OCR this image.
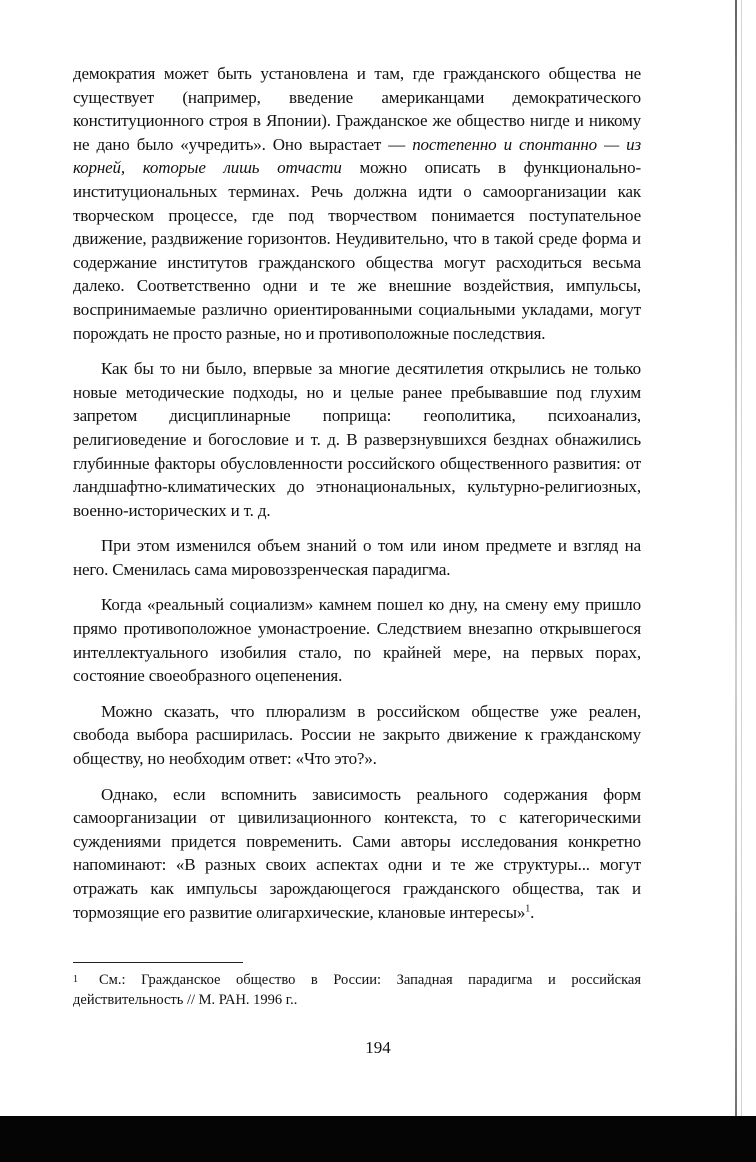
демократия может быть установлена и там, где гражданского общества не существует (например, введение американцами демократического конституционного строя в Японии). Гражданское же общество нигде и никому не дано было «учредить». Оно вырастает — постепенно и спонтанно — из корней, которые лишь отчасти можно описать в функционально-институциональных терминах. Речь должна идти о самоорганизации как творческом процессе, где под творчеством понимается поступательное движение, раздвижение горизонтов. Неудивительно, что в такой среде форма и содержание институтов гражданского общества могут расходиться весьма далеко. Соответственно одни и те же внешние воздействия, импульсы, воспринимаемые различно ориентированными социальными укладами, могут порождать не просто разные, но и противоположные последствия.

Как бы то ни было, впервые за многие десятилетия открылись не только новые методические подходы, но и целые ранее пребывавшие под глухим запретом дисциплинарные поприща: геополитика, психоанализ, религиоведение и богословие и т. д. В разверзнувшихся безднах обнажились глубинные факторы обусловленности российского общественного развития: от ландшафтно-климатических до этнонациональных, культурно-религиозных, военно-исторических и т. д.

При этом изменился объем знаний о том или ином предмете и взгляд на него. Сменилась сама мировоззренческая парадигма.

Когда «реальный социализм» камнем пошел ко дну, на смену ему пришло прямо противоположное умонастроение. Следствием внезапно открывшегося интеллектуального изобилия стало, по крайней мере, на первых порах, состояние своеобразного оцепенения.

Можно сказать, что плюрализм в российском обществе уже реален, свобода выбора расширилась. России не закрыто движение к гражданскому обществу, но необходим ответ: «Что это?».

Однако, если вспомнить зависимость реального содержания форм самоорганизации от цивилизационного контекста, то с категорическими суждениями придется повременить. Сами авторы исследования конкретно напоминают: «В разных своих аспектах одни и те же структуры... могут отражать как импульсы зарождающегося гражданского общества, так и тормозящие его развитие олигархические, клановые интересы»$^1$.

1 См.: Гражданское общество в России: Западная парадигма и российская действительность // М. РАН. 1996 г..
194
